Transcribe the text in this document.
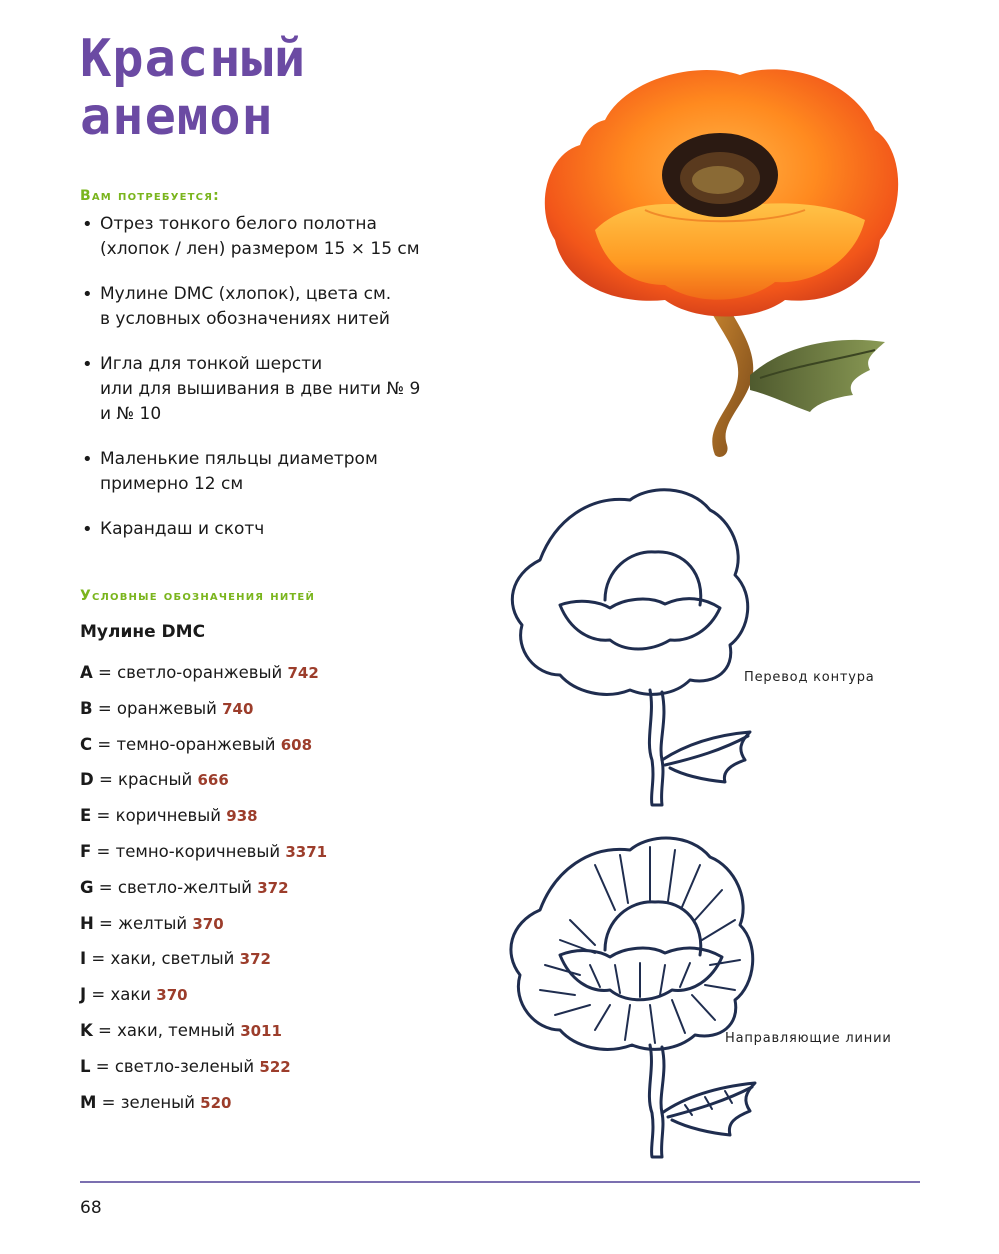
Красный
анемон
Вам потребуется:
• Отрез тонкого белого полотна
(хлопок / лен) размером 15 × 15 см
• Мулине DMC (хлопок), цвета см.
в условных обозначениях нитей
• Игла для тонкой шерсти
или для вышивания в две нити № 9
и № 10
• Маленькие пяльцы диаметром
примерно 12 см
• Карандаш и скотч
Условные обозначения нитей
Мулине DMC
A = светло-оранжевый 742
B = оранжевый 740
C = темно-оранжевый 608
D = красный 666
E = коричневый 938
F = темно-коричневый 3371
G = светло-желтый 372
H = желтый 370
I = хаки, светлый 372
J = хаки 370
K = хаки, темный 3011
L = светло-зеленый 522
M = зеленый 520
Перевод контура
Направляющие линии
68
